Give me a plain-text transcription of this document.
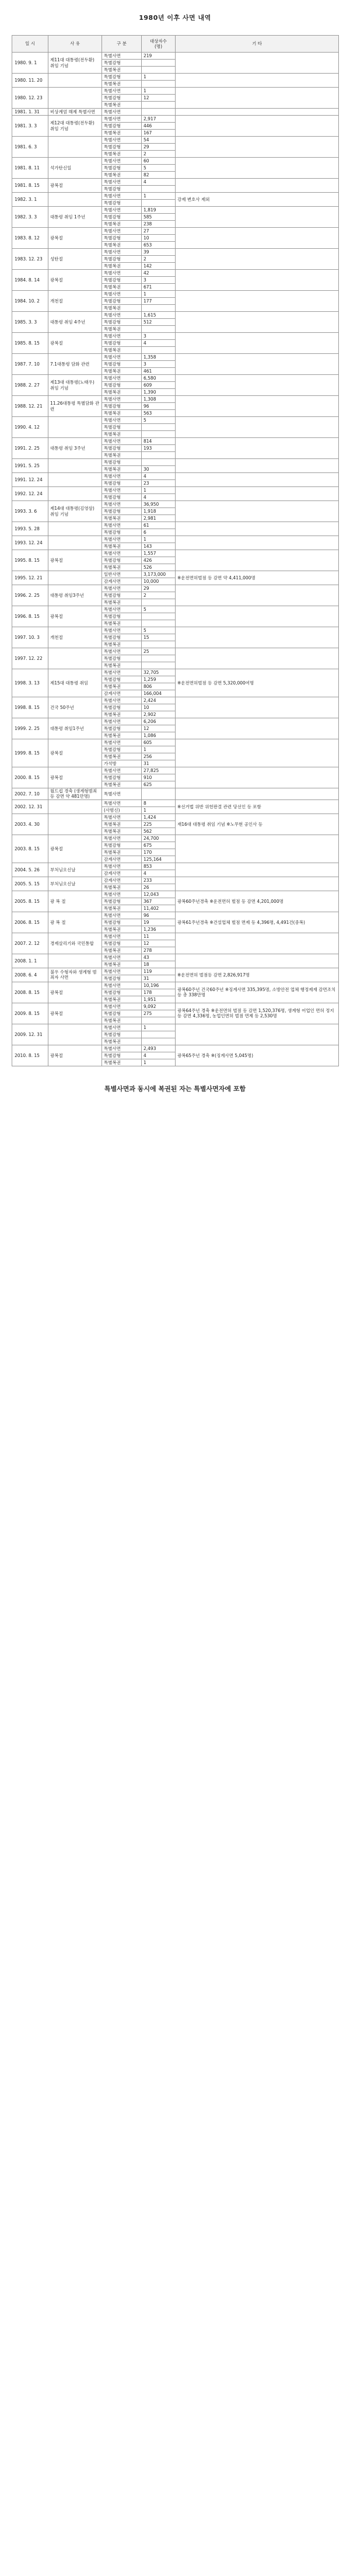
1980년 이후 사면 내역
일 시	사 유	구 분	대상자수
(명)	기 타
1980. 9. 1	제11대 대통령(전두환) 취임 기념	특별사면	219	
		특별감형		
		특별복권		
1980. 11. 20		특별감형	1	
		특별복권		
1980. 12. 23		특별사면	1	
		특별감형	12	
		특별복권		
1981. 1. 31	비상계엄 해제 특별사면	특별사면		
1981. 3. 3	제12대 대통령(전두환) 취임 기념	특별사면	2,917	
		특별감형	446	
		특별복권	167	
1981. 6. 3		특별사면	54	
		특별감형	29	
		특별복권	2	
1981. 8. 11	석가탄신일	특별사면	60	
		특별감형	5	
		특별복권	82	
1981. 8. 15	광복절	특별사면	4	
		특별감형		
1982. 3. 1		특별사면	1	강제 변호사 제외
		특별감형		
1982. 3. 3	대통령 취임 1주년	특별사면	1,819	
		특별감형	585	
		특별복권	238	
1983. 8. 12	광복절	특별사면	27	
		특별감형	10	
		특별복권	653	
1983. 12. 23	성탄절	특별사면	39	
		특별감형	2	
		특별복권	142	
1984. 8. 14	광복절	특별사면	42	
		특별감형	3	
		특별복권	671	
1984. 10. 2	개천절	특별사면	1	
		특별감형	177	
		특별복권		
1985. 3. 3	대통령 취임 4주년	특별사면	1,615	
		특별감형	512	
		특별복권		
1985. 8. 15	광복절	특별사면	3	
		특별감형	4	
		특별복권		
1987. 7. 10	7.1대통령 담화 관련	특별사면	1,358	
		특별감형	3	
		특별복권	461	
1988. 2. 27	제13대 대통령(노태우) 취임 기념	특별사면	6,580	
		특별감형	609	
		특별복권	1,390	
1988. 12. 21	11.26대통령 특별담화 관련	특별사면	1,308	
		특별감형	96	
		특별복권	563	
1990. 4. 12		특별사면	5	
		특별감형		
		특별복권		
1991. 2. 25	대통령 취임 3주년	특별사면	814	
		특별감형	193	
		특별복권		
1991. 5. 25		특별감형		
		특별복권	30	
1991. 12. 24		특별사면	4	
		특별감형	23	
1992. 12. 24		특별사면	1	
		특별감형	4	
1993. 3. 6	제14대 대통령(김영삼) 취임 기념	특별사면	36,950	
		특별감형	1,918	
		특별복권	2,981	
1993. 5. 28		특별사면	61	
		특별감형	6	
1993. 12. 24		특별사면	1	
		특별복권	143	
1995. 8. 15	광복절	특별사면	1,557	
		특별감형	426	
		특별복권	526	
1995. 12. 21		일반사면	3,173,000	※운전면허벌점 등 감면 약 4,411,000명
		감계사면	10,000	
1996. 2. 25	대통령 취임3주년	특별사면	29	
		특별감형	2	
		특별복권		
1996. 8. 15	광복절	특별사면	5	
		특별감형		
		특별복권		
1997. 10. 3	개천절	특별사면	5	
		특별감형	15	
		특별복권		
1997. 12. 22		특별사면	25	
		특별감형		
		특별복권		
1998. 3. 13	제15대 대통령 취임	특별사면	32,705	※운전면허벌점 등 감면 5,320,000여명
		특별감형	1,259	
		특별복권	806	
		감계사면	166,004	
1998. 8. 15	건국 50주년	특별사면	2,424	
		특별감형	10	
		특별복권	2,902	
1999. 2. 25	대통령 취임1주년	특별사면	6,206	
		특별감형	12	
		특별복권	1,086	
1999. 8. 15	광복절	특별사면	605	
		특별감형	1	
		특별복권	256	
		가석방	31	
2000. 8. 15	광복절	특별사면	27,825	
		특별감형	910	
		특별복권	625	
2002. 7. 10	월드컵 경축 (생계형범죄 등 감면 약 481만명)	특별사면		
2002. 12. 31		특별사면	8	※선거법 위반 위헌판결 관련 당선인 등 포함
		(사범신)	1	
2003. 4. 30		특별사면	1,424	재16대 대통령 취임 기념 ※노무현 공인사 등
		특별복권	225	
		특별복권	562	
2003. 8. 15	광복절	특별사면	24,700	
		특별감형	675	
		특별복권	170	
		감계사면	125,164	
2004. 5. 26	부처님오신날	특별사면	853	
		감계사면	4	
2005. 5. 15	부처님오신날	감계사면	233	
		특별복권	26	
2005. 8. 15	광 복 절	특별사면	12,043	광복60주년경축 ※운전면허 벌점 등 감면 4,201,000명
		특별감형	367	
		특별복권	11,402	
2006. 8. 15	광 복 절	특별사면	96	광복61주년경축 ※건설업체 벌점 면제 등 4,396명, 4,491건(중복)
		특별감형	19	
		특별복권	1,236	
2007. 2. 12	경제살리기와 국민통합	특별사면	11	
		특별감형	12	
		특별복권	278	
2008. 1. 1		특별사면	43	
		특별복권	18	
2008. 6. 4	불우 수형자와 생계형 범죄자 사면	특별사면	119	※운전면허 벌점등 감면 2,826,917명
		특별감형	31	
2008. 8. 15	광복절	특별사면	10,196	광복60주년 건국60주년 ※징계사면 335,395명, 소방안전 업체 행정제재 감면조치 등 총 338만명
		특별감형	178	
		특별복권	1,951	
2009. 8. 15	광복절	특별사면	9,092	광복64주년 경축 ※운전면허 벌점 등 감면 1,520,376명, 생계형 어업인 면허 정지 등 감면 4,336명, 농업인면허 벌점 면제 등 2,530명
		특별감형	275	
		특별복권		
2009. 12. 31		특별사면	1	
		특별감형		
		특별복권		
2010. 8. 15	광복절	특별사면	2,493	광복65주년 경축 ※(징계사면 5,045명)
		특별감형	4	
		특별복권	1	
특별사면과 동시에 복권된 자는 특별사면자에 포함
